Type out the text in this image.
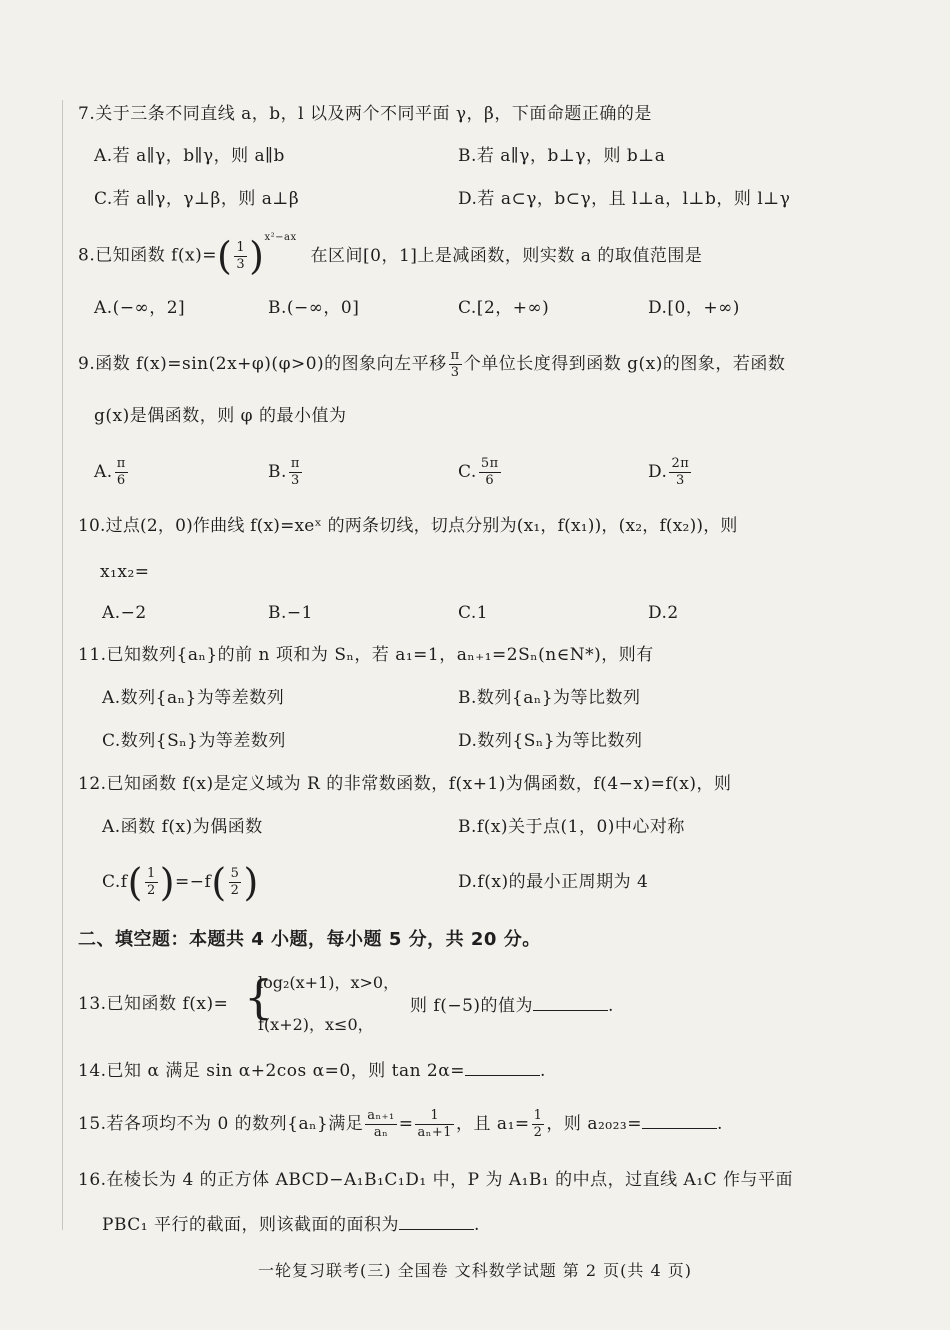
7.关于三条不同直线 a，b，l 以及两个不同平面 γ，β，下面命题正确的是
A.若 a∥γ，b∥γ，则 a∥b	B.若 a∥γ，b⊥γ，则 b⊥a
C.若 a∥γ，γ⊥β，则 a⊥β	D.若 a⊂γ，b⊂γ，且 l⊥a，l⊥b，则 l⊥γ
8.已知函数 $f(x)=( \frac{1}{3} )^{x^2-ax}$ 在区间[0，1]上是减函数，则实数 a 的取值范围是
A.(−∞，2]	B.(−∞，0]	C.[2，+∞)	D.[0，+∞)
9.函数 f(x)=sin(2x+φ)(φ>0)的图象向左平移 $\frac{\pi}{3}$ 个单位长度得到函数 g(x)的图象，若函数
g(x)是偶函数，则 φ 的最小值为
A. $\frac{\pi}{6}$	B. $\frac{\pi}{3}$	C. $\frac{5\pi}{6}$	D. $\frac{2\pi}{3}$
10.过点(2，0)作曲线 f(x)=xeˣ 的两条切线，切点分别为(x₁，f(x₁))，(x₂，f(x₂))，则
x₁x₂=
A.−2	B.−1	C.1	D.2
11.已知数列{aₙ}的前 n 项和为 Sₙ，若 a₁=1，aₙ₊₁=2Sₙ(n∈N*)，则有
A.数列{aₙ}为等差数列	B.数列{aₙ}为等比数列
C.数列{Sₙ}为等差数列	D.数列{Sₙ}为等比数列
12.已知函数 f(x)是定义域为 R 的非常数函数，f(x+1)为偶函数，f(4−x)=f(x)，则
A.函数 f(x)为偶函数	B.f(x)关于点(1，0)中心对称
$C.f( \frac{1}{2} )=-f( \frac{5}{2}$ )	D.f(x)的最小正周期为 4
二、填空题：本题共 4 小题，每小题 5 分，共 20 分。
13.已知函数 f(x)= {
log₂(x+1)，x>0，
f(x+2)，x≤0，
则 f(−5)的值为	.
14.已知 α 满足 sin α+2cos α=0，则 tan 2α=	.
15.若各项均不为 0 的数列{aₙ}满足 $\frac{\text{aₙ₊₁}}{\text{aₙ}} = \frac{1}{\text{aₙ+1}}$ ，且 $a_1= \frac{1}{2}$ ，则 a₂₀₂₃=	.
16.在棱长为 4 的正方体 ABCD−A₁B₁C₁D₁ 中，P 为 A₁B₁ 的中点，过直线 A₁C 作与平面
PBC₁ 平行的截面，则该截面的面积为	.
一轮复习联考(三) 全国卷 文科数学试题 第 2 页(共 4 页)
